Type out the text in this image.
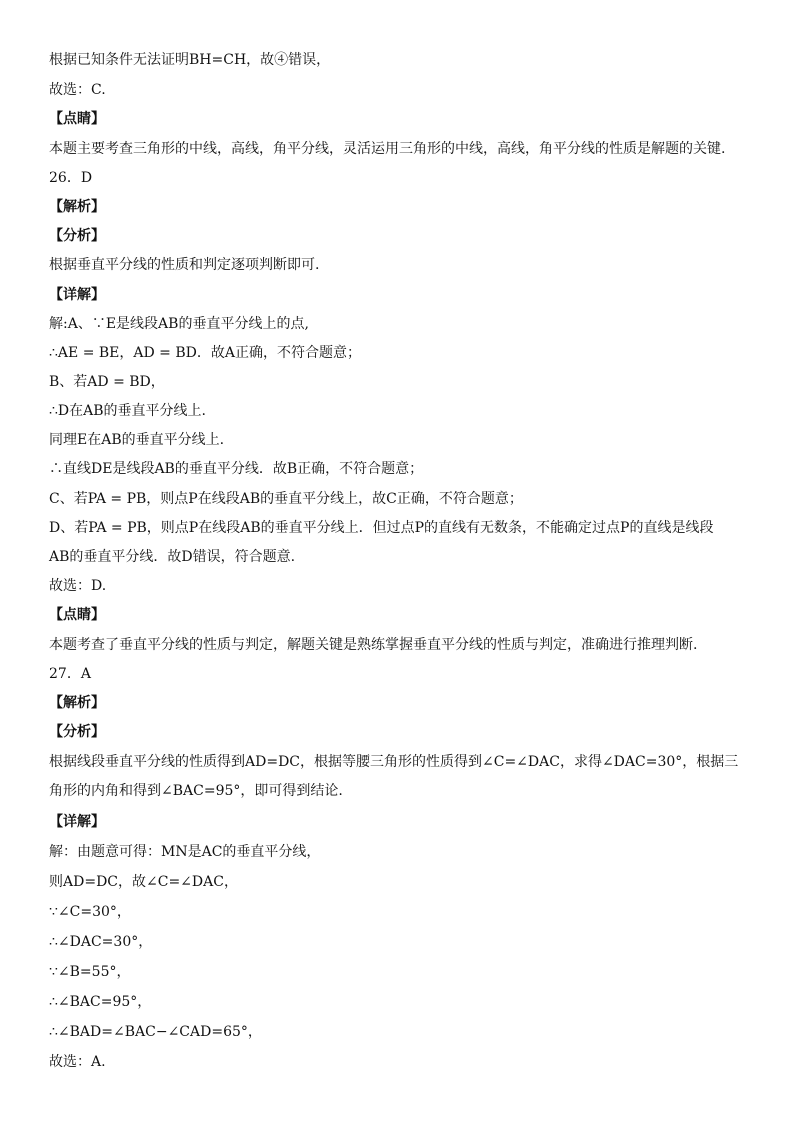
根据已知条件无法证明BH=CH，故④错误，
故选：C.
【点睛】
本题主要考查三角形的中线，高线，角平分线，灵活运用三角形的中线，高线，角平分线的性质是解题的关键.
26．D
【解析】
【分析】
根据垂直平分线的性质和判定逐项判断即可.
【详解】
解:A、∵E是线段AB的垂直平分线上的点,
∴AE = BE，AD = BD．故A正确，不符合题意；
B、若AD = BD，
∴D在AB的垂直平分线上.
同理E在AB的垂直平分线上.
∴直线DE是线段AB的垂直平分线．故B正确，不符合题意；
C、若PA = PB，则点P在线段AB的垂直平分线上，故C正确，不符合题意；
D、若PA = PB，则点P在线段AB的垂直平分线上．但过点P的直线有无数条，不能确定过点P的直线是线段
AB的垂直平分线．故D错误，符合题意.
故选：D.
【点睛】
本题考查了垂直平分线的性质与判定，解题关键是熟练掌握垂直平分线的性质与判定，准确进行推理判断.
27．A
【解析】
【分析】
根据线段垂直平分线的性质得到AD=DC，根据等腰三角形的性质得到∠C=∠DAC，求得∠DAC=30°，根据三
角形的内角和得到∠BAC=95°，即可得到结论.
【详解】
解：由题意可得：MN是AC的垂直平分线，
则AD=DC，故∠C=∠DAC，
∵∠C=30°，
∴∠DAC=30°，
∵∠B=55°，
∴∠BAC=95°，
∴∠BAD=∠BAC−∠CAD=65°，
故选：A.
